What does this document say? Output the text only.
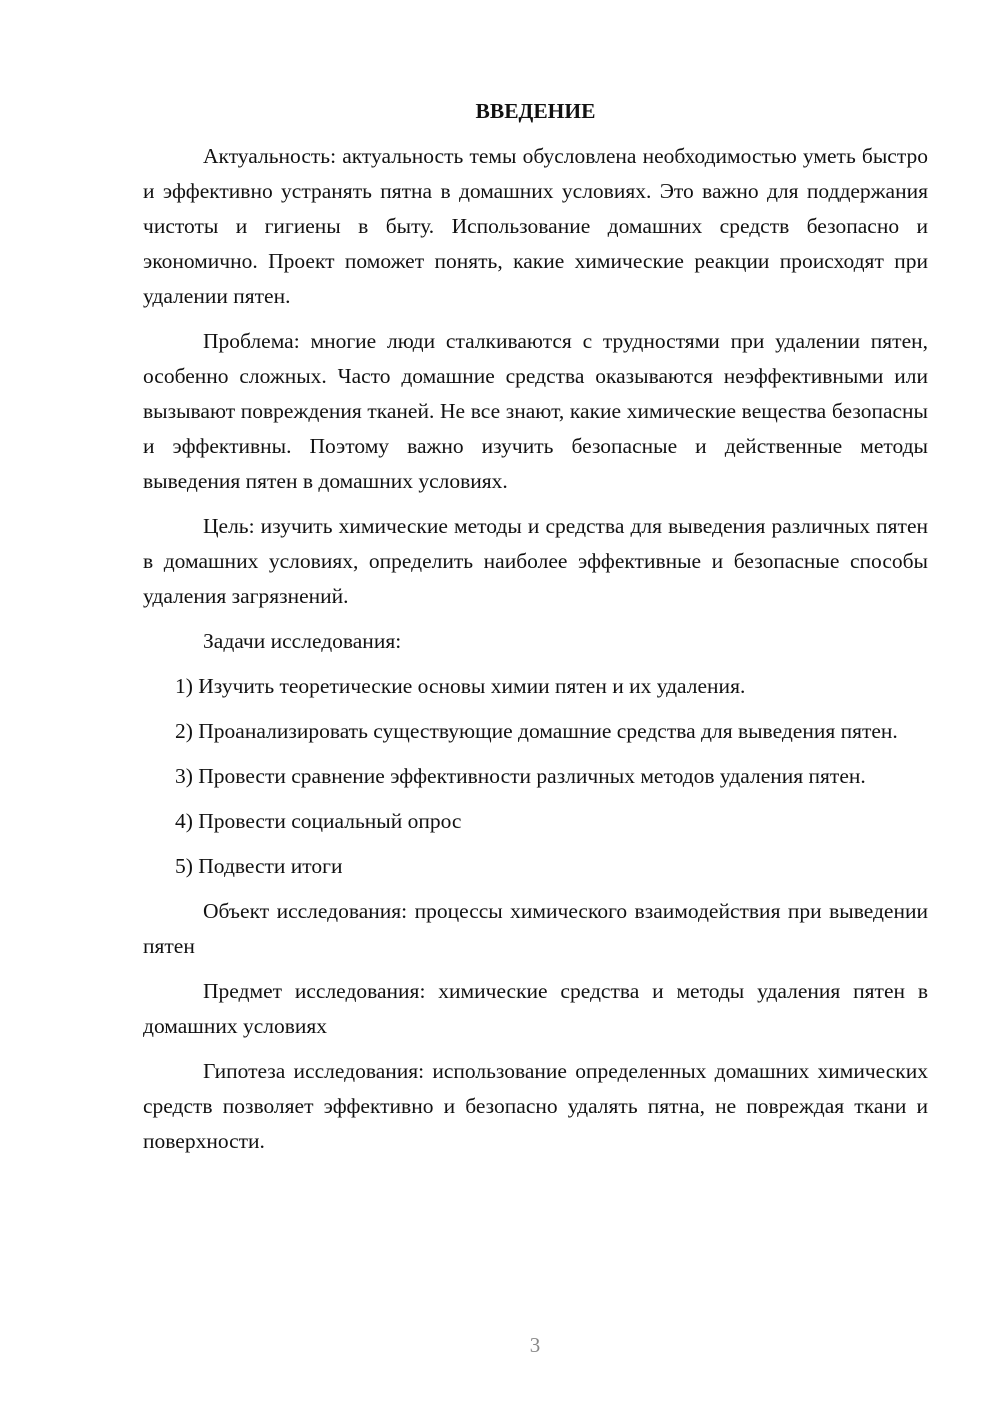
ВВЕДЕНИЕ

Актуальность: актуальность темы обусловлена необходимостью уметь быстро и эффективно устранять пятна в домашних условиях. Это важно для поддержания чистоты и гигиены в быту. Использование домашних средств безопасно и экономично. Проект поможет понять, какие химические реакции происходят при удалении пятен.

Проблема: многие люди сталкиваются с трудностями при удалении пятен, особенно сложных. Часто домашние средства оказываются неэффективными или вызывают повреждения тканей. Не все знают, какие химические вещества безопасны и эффективны. Поэтому важно изучить безопасные и действенные методы выведения пятен в домашних условиях.

Цель: изучить химические методы и средства для выведения различных пятен в домашних условиях, определить наиболее эффективные и безопасные способы удаления загрязнений.

Задачи исследования:

1) Изучить теоретические основы химии пятен и их удаления.

2) Проанализировать существующие домашние средства для выведения пятен.

3) Провести сравнение эффективности различных методов удаления пятен.

4) Провести социальный опрос

5) Подвести итоги

Объект исследования: процессы химического взаимодействия при выведении пятен

Предмет исследования: химические средства и методы удаления пятен в домашних условиях

Гипотеза исследования: использование определенных домашних химических средств позволяет эффективно и безопасно удалять пятна, не повреждая ткани и поверхности.

3
